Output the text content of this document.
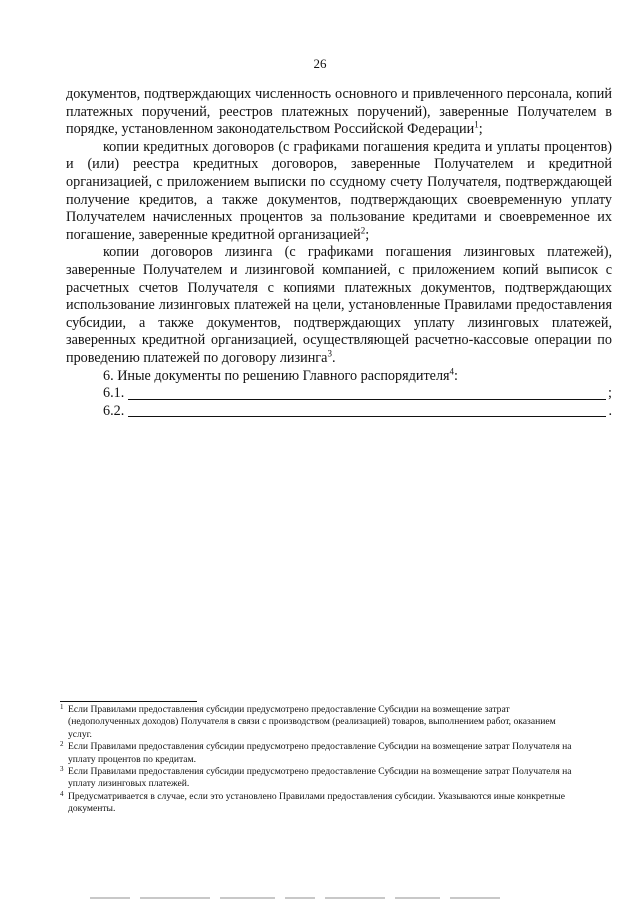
26

документов, подтверждающих численность основного и привлеченного персонала, копий платежных поручений, реестров платежных поручений), заверенные Получателем в порядке, установленном законодательством Российской Федерации$^1$;

копии кредитных договоров (с графиками погашения кредита и уплаты процентов) и (или) реестра кредитных договоров, заверенные Получателем и кредитной организацией, с приложением выписки по ссудному счету Получателя, подтверждающей получение кредитов, а также документов, подтверждающих своевременную уплату Получателем начисленных процентов за пользование кредитами и своевременное их погашение, заверенные кредитной организацией$^2$;

копии договоров лизинга (с графиками погашения лизинговых платежей), заверенные Получателем и лизинговой компанией, с приложением копий выписок с расчетных счетов Получателя с копиями платежных документов, подтверждающих использование лизинговых платежей на цели, установленные Правилами предоставления субсидии, а также документов, подтверждающих уплату лизинговых платежей, заверенных кредитной организацией, осуществляющей расчетно-кассовые операции по проведению платежей по договору лизинга$^3$.

6. Иные документы по решению Главного распорядителя$^4$:

6.1.	;
6.2.	.
1 Если Правилами предоставления субсидии предусмотрено предоставление Субсидии на возмещение затрат (недополученных доходов) Получателя в связи с производством (реализацией) товаров, выполнением работ, оказанием услуг.
2 Если Правилами предоставления субсидии предусмотрено предоставление Субсидии на возмещение затрат Получателя на уплату процентов по кредитам.
3 Если Правилами предоставления субсидии предусмотрено предоставление Субсидии на возмещение затрат Получателя на уплату лизинговых платежей.
4 Предусматривается в случае, если это установлено Правилами предоставления субсидии. Указываются иные конкретные документы.
